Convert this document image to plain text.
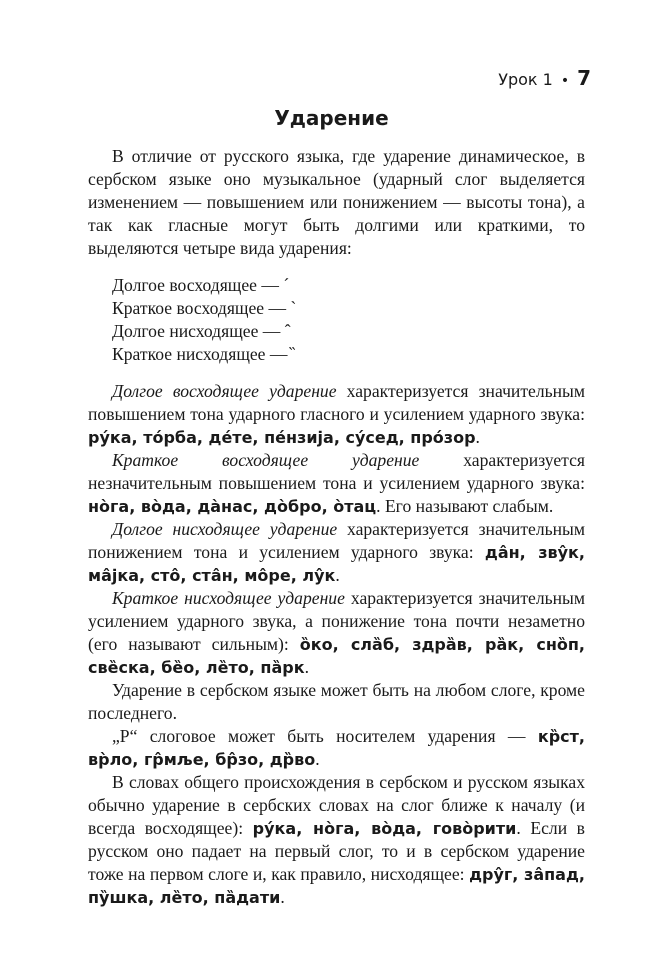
Урок 1 • 7
Ударение

В отличие от русского языка, где ударение динамическое, в сербском языке оно музыкальное (ударный слог выделяется изменением — повышением или понижением — высоты тона), а так как гласные могут быть долгими или краткими, то выделяются четыре вида ударения:

Долгое восходящее — ´
Краткое восходящее — `
Долгое нисходящее — ˆ
Краткое нисходящее — ̏

Долгое восходящее ударение характеризуется значительным повышением тона ударного гласного и усилением ударного звука: ру́ка, то́рба, де́те, пе́нзија, су́сед, про́зор.

Краткое восходящее ударение характеризуется незначительным повышением тона и усилением ударного звука: нòга, вòда, дàнас, дòбро, òтац. Его называют слабым.

Долгое нисходящее ударение характеризуется значительным понижением тона и усилением ударного звука: да̂н, зву̂к, ма̂јка, сто̂, ста̂н, мо̂ре, лу̂к.

Краткое нисходящее ударение характеризуется значительным усилением ударного звука, а понижение тона почти незаметно (его называют сильным): о̏ко, сла̏б, здра̏в, ра̏к, сно̏п, све̏ска, бе̏о, ле̏то, па̏рк.

Ударение в сербском языке может быть на любом слоге, кроме последнего.

„Р“ слоговое может быть носителем ударения — кр̏ст, вр̀ло, гр̂мље, бр̂зо, др̏во.

В словах общего происхождения в сербском и русском языках обычно ударение в сербских словах на слог ближе к началу (и всегда восходящее): ру́ка, нòга, вòда, говòрити. Если в русском оно падает на первый слог, то и в сербском ударение тоже на первом слоге и, как правило, нисходящее: дру̂г, за̂пад, пу̏шка, ле̏то, па̏дати.
